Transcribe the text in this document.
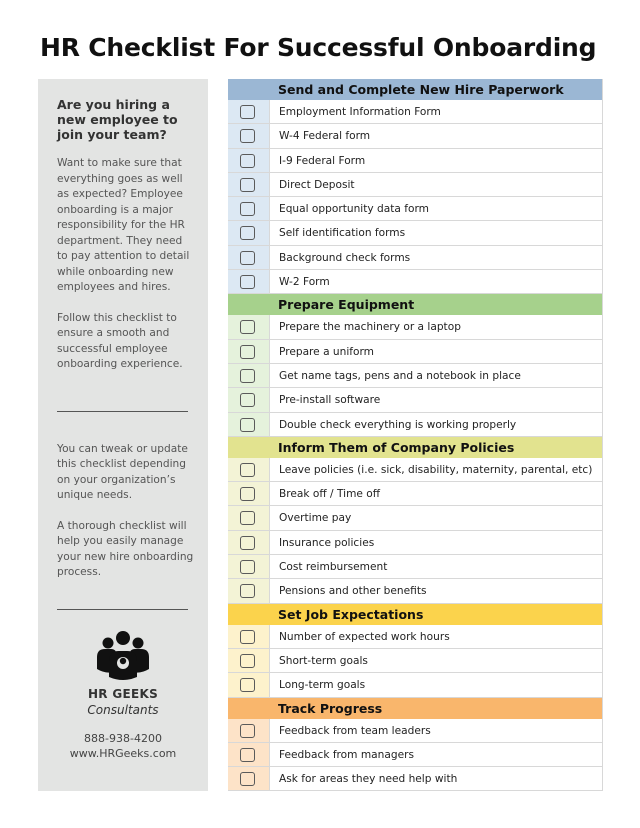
HR Checklist For Successful Onboarding
Are you hiring a new employee to join your team?
Want to make sure that everything goes as well as expected? Employee onboarding is a major responsibility for the HR department. They need to pay attention to detail while onboarding new employees and hires.
Follow this checklist to ensure a smooth and successful employee onboarding experience.
You can tweak or update this checklist depending on your organization’s unique needs.
A thorough checklist will help you easily manage your new hire onboarding process.
HR GEEKS
Consultants
888-938-4200
www.HRGeeks.com
Send and Complete New Hire Paperwork
Employment Information Form
W-4 Federal form
I-9 Federal Form
Direct Deposit
Equal opportunity data form
Self identification forms
Background check forms
W-2 Form
Prepare Equipment
Prepare the machinery or a laptop
Prepare a uniform
Get name tags, pens and a notebook in place
Pre-install software
Double check everything is working properly
Inform Them of Company Policies
Leave policies (i.e. sick, disability, maternity, parental, etc)
Break off / Time off
Overtime pay
Insurance policies
Cost reimbursement
Pensions and other benefits
Set Job Expectations
Number of expected work hours
Short-term goals
Long-term goals
Track Progress
Feedback from team leaders
Feedback from managers
Ask for areas they need help with
